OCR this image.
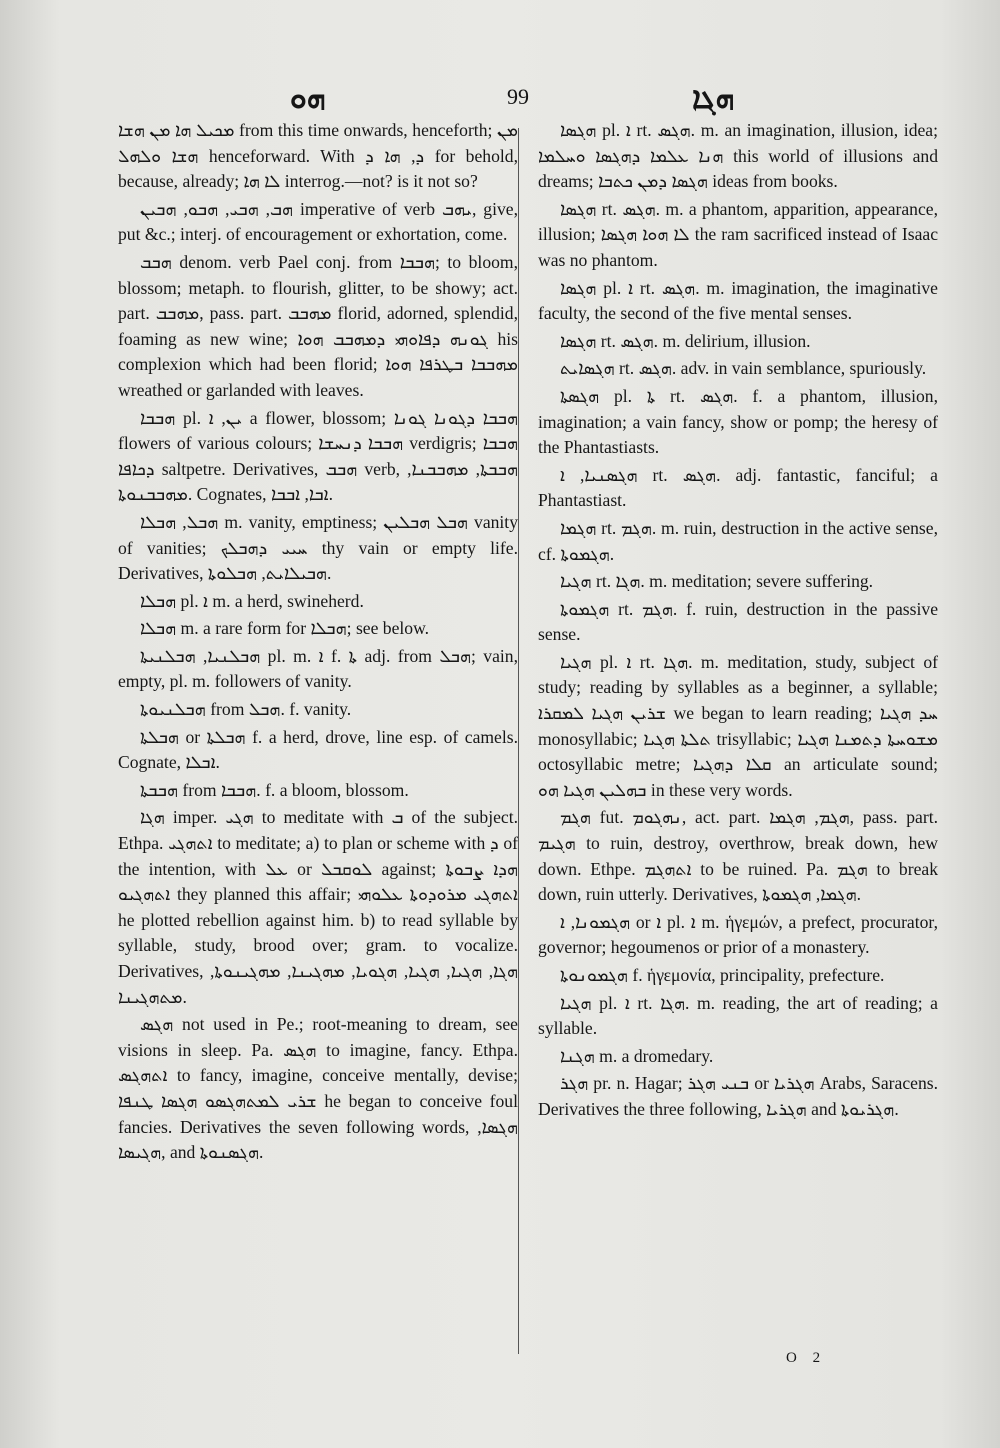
ܗܘ	99	ܗܓܐ

ܡܟܝܠ ܗܐ ܡܢ ܗܫܐ from this time onwards, henceforth; ܡܢ ܗܫܐ ܘܠܗܠ henceforward. With ܕ, ܗܐ ܕ for behold, because, already; ܠܐ ܗܐ interrog.—not? is it not so?

ܗܒ, ܗܒܝ, ܗܒܘ, ܗܒܝܢ imperative of verb ܝܗܒ, give, put &c.; interj. of encouragement or exhortation, come.

ܗܒܒ denom. verb Pael conj. from ܗܒܒܐ; to bloom, blossom; metaph. to flourish, glitter, to be showy; act. part. ܡܗܒܒ, pass. part. ܡܗܒܒ florid, adorned, splendid, foaming as new wine; ܓܘܢܗ ܕܦܐܘܗܝ ܕܡܗܒܒ ܗܘܐ his complexion which had been florid; ܡܗܒܒܐ ܒܛܪܦܐ ܗܘܐ wreathed or garlanded with leaves.

ܗܒܒܐ pl. ܝܢ, ܐ a flower, blossom; ܗܒܒܐ ܕܓܘܢܐ ܓܘܢܐ flowers of various colours; ܗܒܒܐ ܕܢܚܫܐ verdigris; ܗܒܒܐ ܕܟܐܦܐ saltpetre. Derivatives, ܗܒܒ verb, ܗܒܒܬܐ, ܡܗܒܒܢܐ, ܡܗܒܒܢܘܬܐ. Cognates, ܐܒܐ, ܐܒܒܐ.

ܗܒܠ, ܗܒܠܐ m. vanity, emptiness; ܗܒܠ ܗܒܠܝܢ vanity of vanities; ܚܝܝ ܕܗܒܠܟ thy vain or empty life. Derivatives, ܗܒܝܠܐܝܬ, ܗܒܠܘܬܐ.

ܗܒܠܐ pl. ܐ m. a herd, swineherd.

ܗܒܠܐ m. a rare form for ܗܒܠܐ; see below.

ܗܒܠܢܝܐ, ܗܒܠܢܝܬܐ pl. m. ܐ f. ܬܐ adj. from ܗܒܠ; vain, empty, pl. m. followers of vanity.

ܗܒܠܢܝܘܬܐ from ܗܒܠ. f. vanity.

ܗܒܠܬܐ or ܗܒܠܬܐ f. a herd, drove, line esp. of camels. Cognate, ܐܒܠܐ.

ܗܒܒܬܐ from ܗܒܒܐ. f. a bloom, blossom.

ܗܓܐ imper. ܗܓܝ to meditate with ܒ of the subject. Ethpa. ܐܬܗܓܝ to meditate; a) to plan or scheme with ܕ of the intention, with ܥܠ or ܠܘܩܒܠ against; ܗܕܐ ܨܒܘܬܐ ܐܬܗܓܝܘ they planned this affair; ܐܬܗܓܝ ܡܪܘܕܘܬܐ ܥܠܘܗܝ he plotted rebellion against him. b) to read syllable by syllable, study, brood over; gram. to vocalize. Derivatives, ܗܓܐ, ܗܓܝܐ, ܗܓܝܐ, ܗܓܘܝܐ, ܡܗܓܝܢܐ, ܡܗܓܝܢܘܬܐ, ܡܬܗܓܝܢܐ.

ܗܓܣ not used in Pe.; root-meaning to dream, see visions in sleep. Pa. ܗܓܣ to imagine, fancy. Ethpa. ܐܬܗܓܣ to fancy, imagine, conceive mentally, devise; ܫܪܝ ܠܡܬܗܓܣܘ ܗܓܣܐ ܛܢܦܐ he began to conceive foul fancies. Derivatives the seven following words, ܗܓܣܐ, ܗܓܝܣܐ, and ܗܓܣܢܘܬܐ.

ܗܓܣܐ pl. ܐ rt. ܗܓܣ. m. an imagination, illusion, idea; ܗܢܐ ܥܠܡܐ ܕܗܓܣܐ ܘܚܠܡܐ this world of illusions and dreams; ܗܓܣܐ ܕܡܢ ܟܬܒܐ ideas from books.

ܗܓܣܐ rt. ܗܓܣ. m. a phantom, apparition, appearance, illusion; ܠܐ ܗܘܐ ܗܓܣܐ the ram sacrificed instead of Isaac was no phantom.

ܗܓܣܐ pl. ܐ rt. ܗܓܣ. m. imagination, the imaginative faculty, the second of the five mental senses.

ܗܓܣܐ rt. ܗܓܣ. m. delirium, illusion.

ܗܓܣܐܝܬ rt. ܗܓܣ. adv. in vain semblance, spuriously.

ܗܓܣܬܐ pl. ܬܐ rt. ܗܓܣ. f. a phantom, illusion, imagination; a vain fancy, show or pomp; the heresy of the Phantastiasts.

ܗܓܣܢܝܐ, ܐ rt. ܗܓܣ. adj. fantastic, fanciful; a Phantastiast.

ܗܓܡܐ rt. ܗܓܡ. m. ruin, destruction in the active sense, cf. ܗܓܡܘܬܐ.

ܗܓܝܐ rt. ܗܓܐ. m. meditation; severe suffering.

ܗܓܡܘܬܐ rt. ܗܓܡ. f. ruin, destruction in the passive sense.

ܗܓܝܐ pl. ܐ rt. ܗܓܐ. m. meditation, study, subject of study; reading by syllables as a beginner, a syllable; ܫܪܝܢ ܗܓܝܐ ܠܡܩܪܐ we began to learn reading; ܚܕ ܗܓܝܐ monosyllabic; ܬܠܬܐ ܗܓܝܐ trisyllabic; ܡܫܘܚܬܐ ܕܬܡܢܐ ܗܓܝܐ octosyllabic metre; ܩܠܐ ܕܗܓܝܐ an articulate sound; ܒܗܠܝܢ ܗܓܝܐ ܗܘ in these very words.

ܗܓܡ fut. ܢܗܓܘܡ, act. part. ܗܓܡ, ܗܓܡܐ, pass. part. ܗܓܝܡ to ruin, destroy, overthrow, break down, hew down. Ethpe. ܐܬܗܓܡ to be ruined. Pa. ܗܓܡ to break down, ruin utterly. Derivatives, ܗܓܡܐ, ܗܓܡܘܬܐ.

ܗܓܡܘܢܐ, ܐ or ܐ pl. ܐ m. ἡγεμών, a prefect, procurator, governor; hegoumenos or prior of a monastery.

ܗܓܡܘܢܘܬܐ f. ἡγεμονία, principality, prefecture.

ܗܓܝܐ pl. ܐ rt. ܗܓܐ. m. reading, the art of reading; a syllable.

ܗܓܢܐ m. a dromedary.

ܗܓܪ pr. n. Hagar; ܒܢܝ ܗܓܪ or ܗܓܪܝܐ Arabs, Saracens. Derivatives the three following, ܗܓܪܝܐ and ܗܓܪܝܘܬܐ.

O 2
